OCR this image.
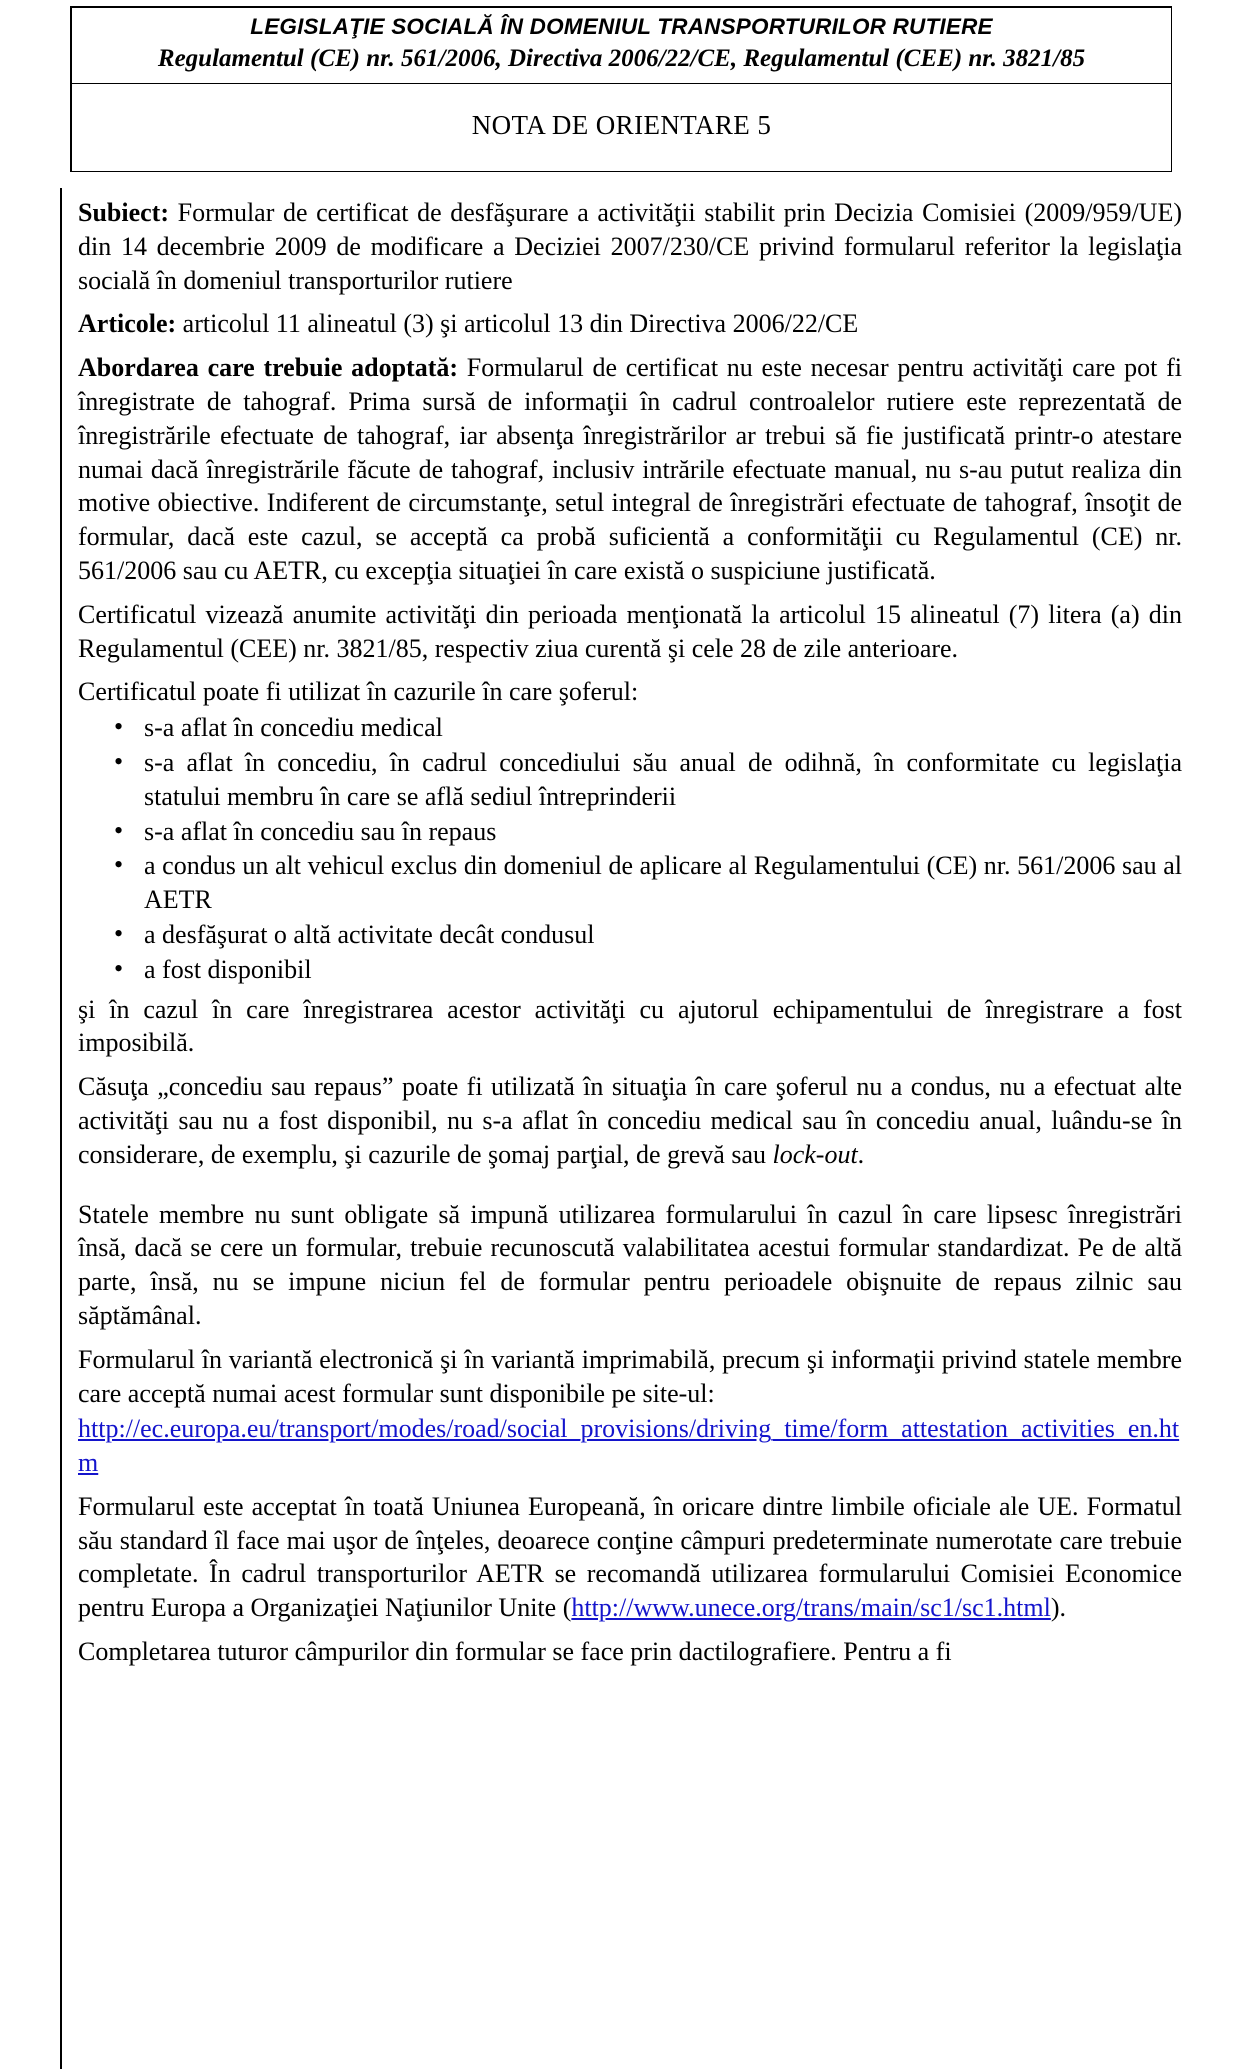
LEGISLAŢIE SOCIALĂ ÎN DOMENIUL TRANSPORTURILOR RUTIERE
Regulamentul (CE) nr. 561/2006, Directiva 2006/22/CE, Regulamentul (CEE) nr. 3821/85
NOTA DE ORIENTARE 5

Subiect: Formular de certificat de desfăşurare a activităţii stabilit prin Decizia Comisiei (2009/959/UE) din 14 decembrie 2009 de modificare a Deciziei 2007/230/CE privind formularul referitor la legislaţia socială în domeniul transporturilor rutiere

Articole: articolul 11 alineatul (3) şi articolul 13 din Directiva 2006/22/CE

Abordarea care trebuie adoptată: Formularul de certificat nu este necesar pentru activităţi care pot fi înregistrate de tahograf. Prima sursă de informaţii în cadrul controalelor rutiere este reprezentată de înregistrările efectuate de tahograf, iar absenţa înregistrărilor ar trebui să fie justificată printr-o atestare numai dacă înregistrările făcute de tahograf, inclusiv intrările efectuate manual, nu s-au putut realiza din motive obiective. Indiferent de circumstanţe, setul integral de înregistrări efectuate de tahograf, însoţit de formular, dacă este cazul, se acceptă ca probă suficientă a conformităţii cu Regulamentul (CE) nr. 561/2006 sau cu AETR, cu excepţia situaţiei în care există o suspiciune justificată.

Certificatul vizează anumite activităţi din perioada menţionată la articolul 15 alineatul (7) litera (a) din Regulamentul (CEE) nr. 3821/85, respectiv ziua curentă şi cele 28 de zile anterioare.

Certificatul poate fi utilizat în cazurile în care şoferul:

• s-a aflat în concediu medical
• s-a aflat în concediu, în cadrul concediului său anual de odihnă, în conformitate cu legislaţia statului membru în care se află sediul întreprinderii
• s-a aflat în concediu sau în repaus
• a condus un alt vehicul exclus din domeniul de aplicare al Regulamentului (CE) nr. 561/2006 sau al AETR
• a desfăşurat o altă activitate decât condusul
• a fost disponibil

şi în cazul în care înregistrarea acestor activităţi cu ajutorul echipamentului de înregistrare a fost imposibilă.

Căsuţa „concediu sau repaus” poate fi utilizată în situaţia în care şoferul nu a condus, nu a efectuat alte activităţi sau nu a fost disponibil, nu s-a aflat în concediu medical sau în concediu anual, luându-se în considerare, de exemplu, şi cazurile de şomaj parţial, de grevă sau lock-out.

Statele membre nu sunt obligate să impună utilizarea formularului în cazul în care lipsesc înregistrări însă, dacă se cere un formular, trebuie recunoscută valabilitatea acestui formular standardizat. Pe de altă parte, însă, nu se impune niciun fel de formular pentru perioadele obişnuite de repaus zilnic sau săptămânal.

Formularul în variantă electronică şi în variantă imprimabilă, precum şi informaţii privind statele membre care acceptă numai acest formular sunt disponibile pe site-ul:

http://ec.europa.eu/transport/modes/road/social_provisions/driving_time/form_attestation_activities_en.htm

Formularul este acceptat în toată Uniunea Europeană, în oricare dintre limbile oficiale ale UE. Formatul său standard îl face mai uşor de înţeles, deoarece conţine câmpuri predeterminate numerotate care trebuie completate. În cadrul transporturilor AETR se recomandă utilizarea formularului Comisiei Economice pentru Europa a Organizaţiei Naţiunilor Unite (http://www.unece.org/trans/main/sc1/sc1.html).

Completarea tuturor câmpurilor din formular se face prin dactilografiere. Pentru a fi
